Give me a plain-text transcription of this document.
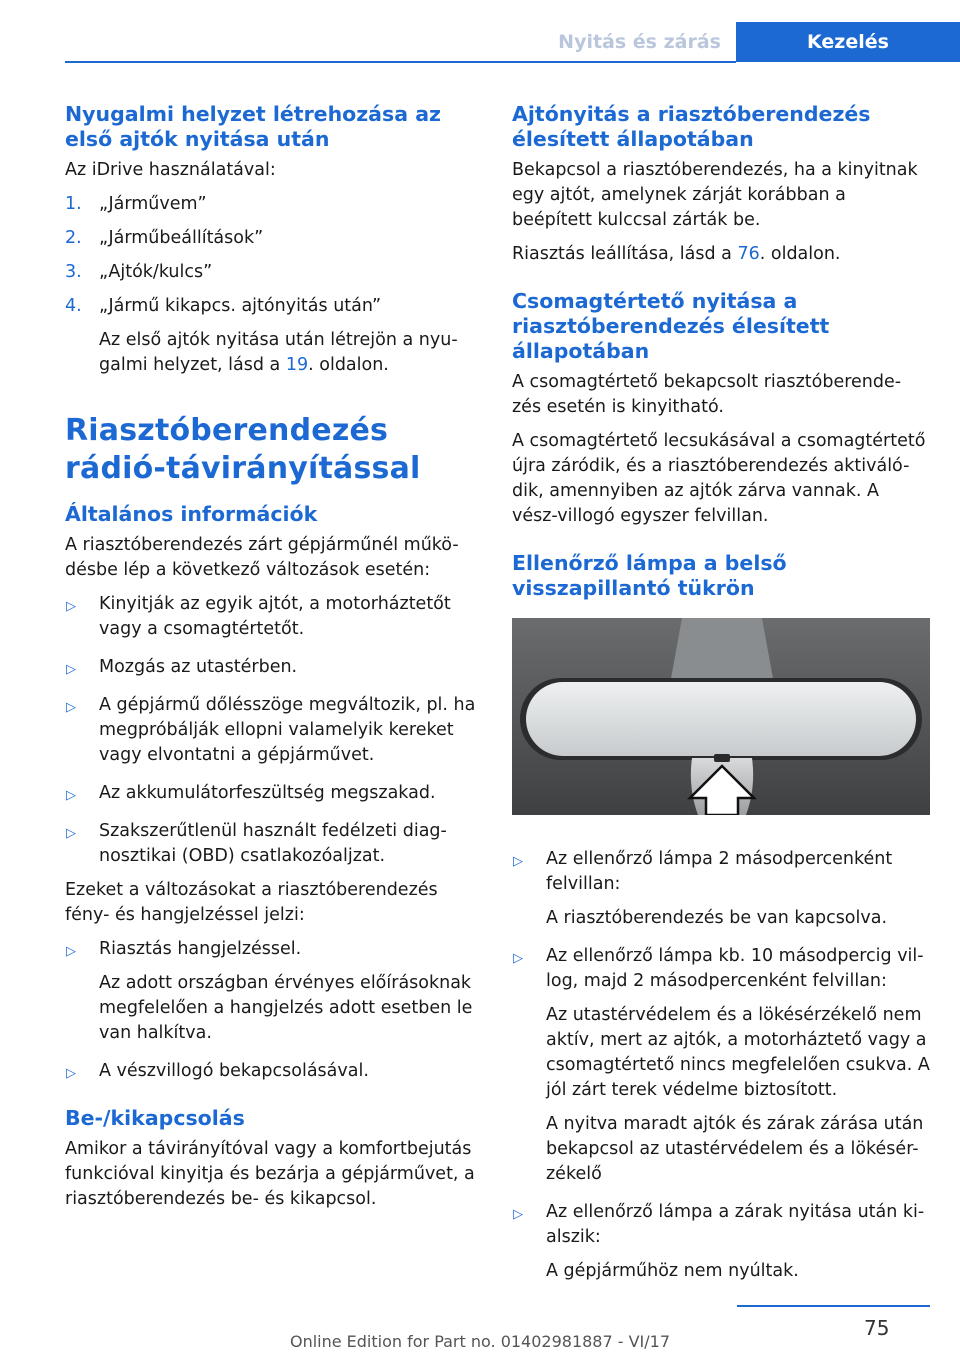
Nyitás és zárás	Kezelés
Nyugalmi helyzet létrehozása az első ajtók nyitása után

Az iDrive használatával:

1. „Járművem”
2. „Járműbeállítások”
3. „Ajtók/kulcs”
4. „Jármű kikapcs. ajtónyitás után”
Az első ajtók nyitása után létrejön a nyu-galmi helyzet, lásd a 19. oldalon.
Riasztóberendezés rádió-távirányítással
Általános információk

A riasztóberendezés zárt gépjárműnél műkö-désbe lép a következő változások esetén:

▷ Kinyitják az egyik ajtót, a motorháztetőt vagy a csomagtértetőt.
▷ Mozgás az utastérben.
▷ A gépjármű dőlésszöge megváltozik, pl. ha megpróbálják ellopni valamelyik kereket vagy elvontatni a gépjárművet.
▷ Az akkumulátorfeszültség megszakad.
▷ Szakszerűtlenül használt fedélzeti diag-nosztikai (OBD) csatlakozóaljzat.

Ezeket a változásokat a riasztóberendezés fény- és hangjelzéssel jelzi:

▷ Riasztás hangjelzéssel.
Az adott országban érvényes előírásoknak megfelelően a hangjelzés adott esetben le van halkítva.
▷ A vészvillogó bekapcsolásával.
Be-/kikapcsolás

Amikor a távirányítóval vagy a komfortbejutás funkcióval kinyitja és bezárja a gépjárművet, a riasztóberendezés be- és kikapcsol.

Ajtónyitás a riasztóberendezés élesített állapotában

Bekapcsol a riasztóberendezés, ha a kinyitnak egy ajtót, amelynek zárját korábban a beépített kulccsal zárták be.

Riasztás leállítása, lásd a 76. oldalon.

Csomagtértető nyitása a riasztóberendezés élesített állapotában

A csomagtértető bekapcsolt riasztóberende-zés esetén is kinyitható.

A csomagtértető lecsukásával a csomagtértető újra záródik, és a riasztóberendezés aktiváló-dik, amennyiben az ajtók zárva vannak. A vész-villogó egyszer felvillan.

Ellenőrző lámpa a belső visszapillantó tükrön
▷ Az ellenőrző lámpa 2 másodpercenként felvillan:
A riasztóberendezés be van kapcsolva.
▷ Az ellenőrző lámpa kb. 10 másodpercig vil-log, majd 2 másodpercenként felvillan:
Az utastérvédelem és a lökésérzékelő nem aktív, mert az ajtók, a motorháztető vagy a csomagtértető nincs megfelelően csukva. A jól zárt terek védelme biztosított.
A nyitva maradt ajtók és zárak zárása után bekapcsol az utastérvédelem és a lökésér-zékelő
▷ Az ellenőrző lámpa a zárak nyitása után ki-alszik:
A gépjárműhöz nem nyúltak.
75
Online Edition for Part no. 01402981887 - VI/17
